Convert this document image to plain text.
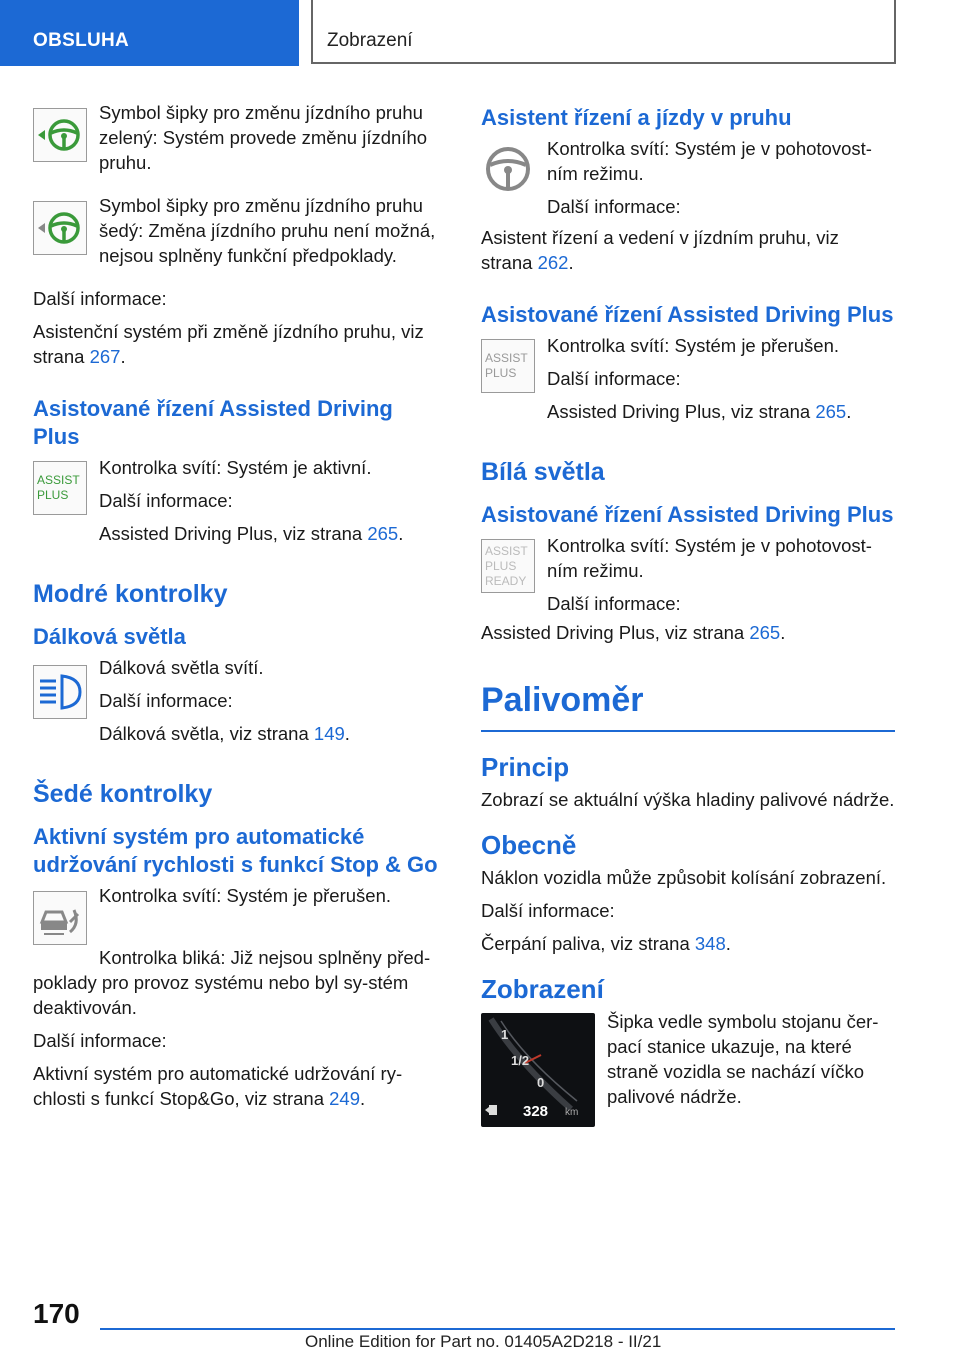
OBSLUHA	Zobrazení

Symbol šipky pro změnu jízdního pruhu zelený: Systém provede změnu jízdního pruhu.

Symbol šipky pro změnu jízdního pruhu šedý: Změna jízdního pruhu není možná, nejsou splněny funkční předpoklady.

Další informace:

Asistenční systém při změně jízdního pruhu, viz strana 267.

Asistované řízení Assisted Driving Plus
ASSIST PLUS

Kontrolka svítí: Systém je aktivní.

Další informace:

Assisted Driving Plus, viz strana 265.

Modré kontrolky
Dálková světla

Dálková světla svítí.

Další informace:

Dálková světla, viz strana 149.

Šedé kontrolky
Aktivní systém pro automatické udržování rychlosti s funkcí Stop & Go

Kontrolka svítí: Systém je přerušen.

Kontrolka bliká: Již nejsou splněny před-poklady pro provoz systému nebo byl sy-stém deaktivován.

Další informace:

Aktivní systém pro automatické udržování ry-chlosti s funkcí Stop&Go, viz strana 249.

Asistent řízení a jízdy v pruhu

Kontrolka svítí: Systém je v pohotovost-ním režimu.

Další informace:

Asistent řízení a vedení v jízdním pruhu, viz strana 262.

Asistované řízení Assisted Driving Plus
ASSIST PLUS

Kontrolka svítí: Systém je přerušen.

Další informace:

Assisted Driving Plus, viz strana 265.

Bílá světla
Asistované řízení Assisted Driving Plus
ASSIST PLUS READY

Kontrolka svítí: Systém je v pohotovost-ním režimu.

Další informace:

Assisted Driving Plus, viz strana 265.

Palivoměr
Princip

Zobrazí se aktuální výška hladiny palivové nádrže.

Obecně

Náklon vozidla může způsobit kolísání zobrazení.

Další informace:

Čerpání paliva, viz strana 348.

Zobrazení
1
1/2
0
328 km

Šipka vedle symbolu stojanu čer-pací stanice ukazuje, na které straně vozidla se nachází víčko palivové nádrže.

170
Online Edition for Part no. 01405A2D218 - II/21
